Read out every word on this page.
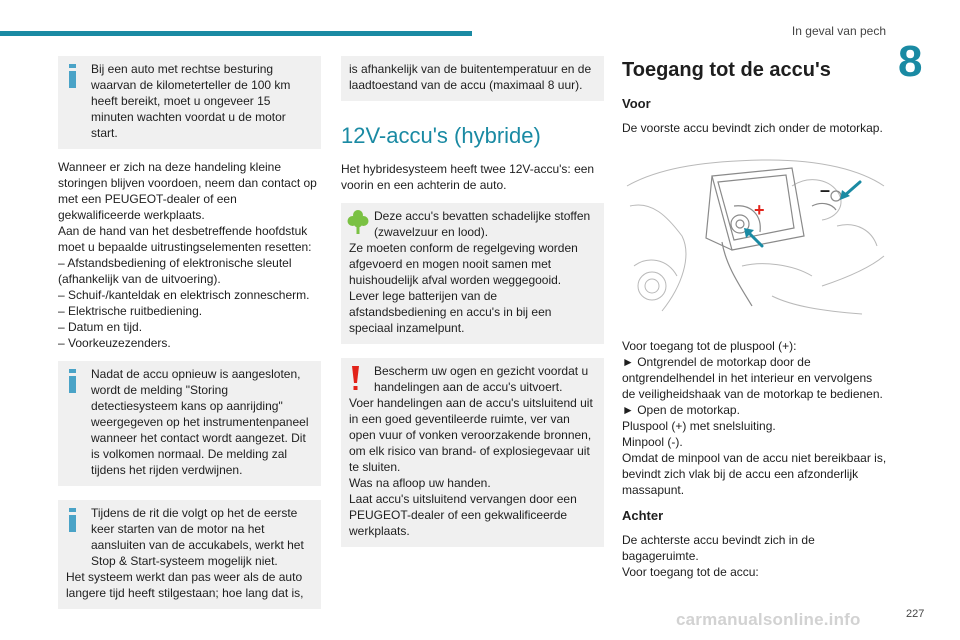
In geval van pech
8

Bij een auto met rechtse besturing waarvan de kilometerteller de 100 km heeft bereikt, moet u ongeveer 15 minuten wachten voordat u de motor start.

Wanneer er zich na deze handeling kleine storingen blijven voordoen, neem dan contact op met een PEUGEOT-dealer of een gekwalificeerde werkplaats.

Aan de hand van het desbetreffende hoofdstuk moet u bepaalde uitrustingselementen resetten:

– Afstandsbediening of elektronische sleutel (afhankelijk van de uitvoering).

– Schuif-/kanteldak en elektrisch zonnescherm.

– Elektrische ruitbediening.

– Datum en tijd.

– Voorkeuzezenders.

Nadat de accu opnieuw is aangesloten, wordt de melding "Storing detectiesysteem kans op aanrijding" weergegeven op het instrumentenpaneel wanneer het contact wordt aangezet. Dit is volkomen normaal. De melding zal tijdens het rijden verdwijnen.

Tijdens de rit die volgt op het de eerste keer starten van de motor na het aansluiten van de accukabels, werkt het Stop & Start-systeem mogelijk niet.

Het systeem werkt dan pas weer als de auto langere tijd heeft stilgestaan; hoe lang dat is,

is afhankelijk van de buitentemperatuur en de laadtoestand van de accu (maximaal 8 uur).

12V-accu's (hybride)

Het hybridesysteem heeft twee 12V-accu's: een voorin en een achterin de auto.

Deze accu's bevatten schadelijke stoffen (zwavelzuur en lood).

Ze moeten conform de regelgeving worden afgevoerd en mogen nooit samen met huishoudelijk afval worden weggegooid.

Lever lege batterijen van de afstandsbediening en accu's in bij een speciaal inzamelpunt.

Bescherm uw ogen en gezicht voordat u handelingen aan de accu's uitvoert.

Voer handelingen aan de accu's uitsluitend uit in een goed geventileerde ruimte, ver van open vuur of vonken veroorzakende bronnen, om elk risico van brand- of explosiegevaar uit te sluiten.

Was na afloop uw handen.

Laat accu's uitsluitend vervangen door een PEUGEOT-dealer of een gekwalificeerde werkplaats.

Toegang tot de accu's
Voor

De voorste accu bevindt zich onder de motorkap.

+
–

Voor toegang tot de pluspool (+):

► Ontgrendel de motorkap door de ontgrendelhendel in het interieur en vervolgens de veiligheidshaak van de motorkap te bedienen.

► Open de motorkap.

Pluspool (+) met snelsluiting.

Minpool (-).

Omdat de minpool van de accu niet bereikbaar is, bevindt zich vlak bij de accu een afzonderlijk massapunt.

Achter

De achterste accu bevindt zich in de bagageruimte.

Voor toegang tot de accu:

carmanualsonline.info	227
